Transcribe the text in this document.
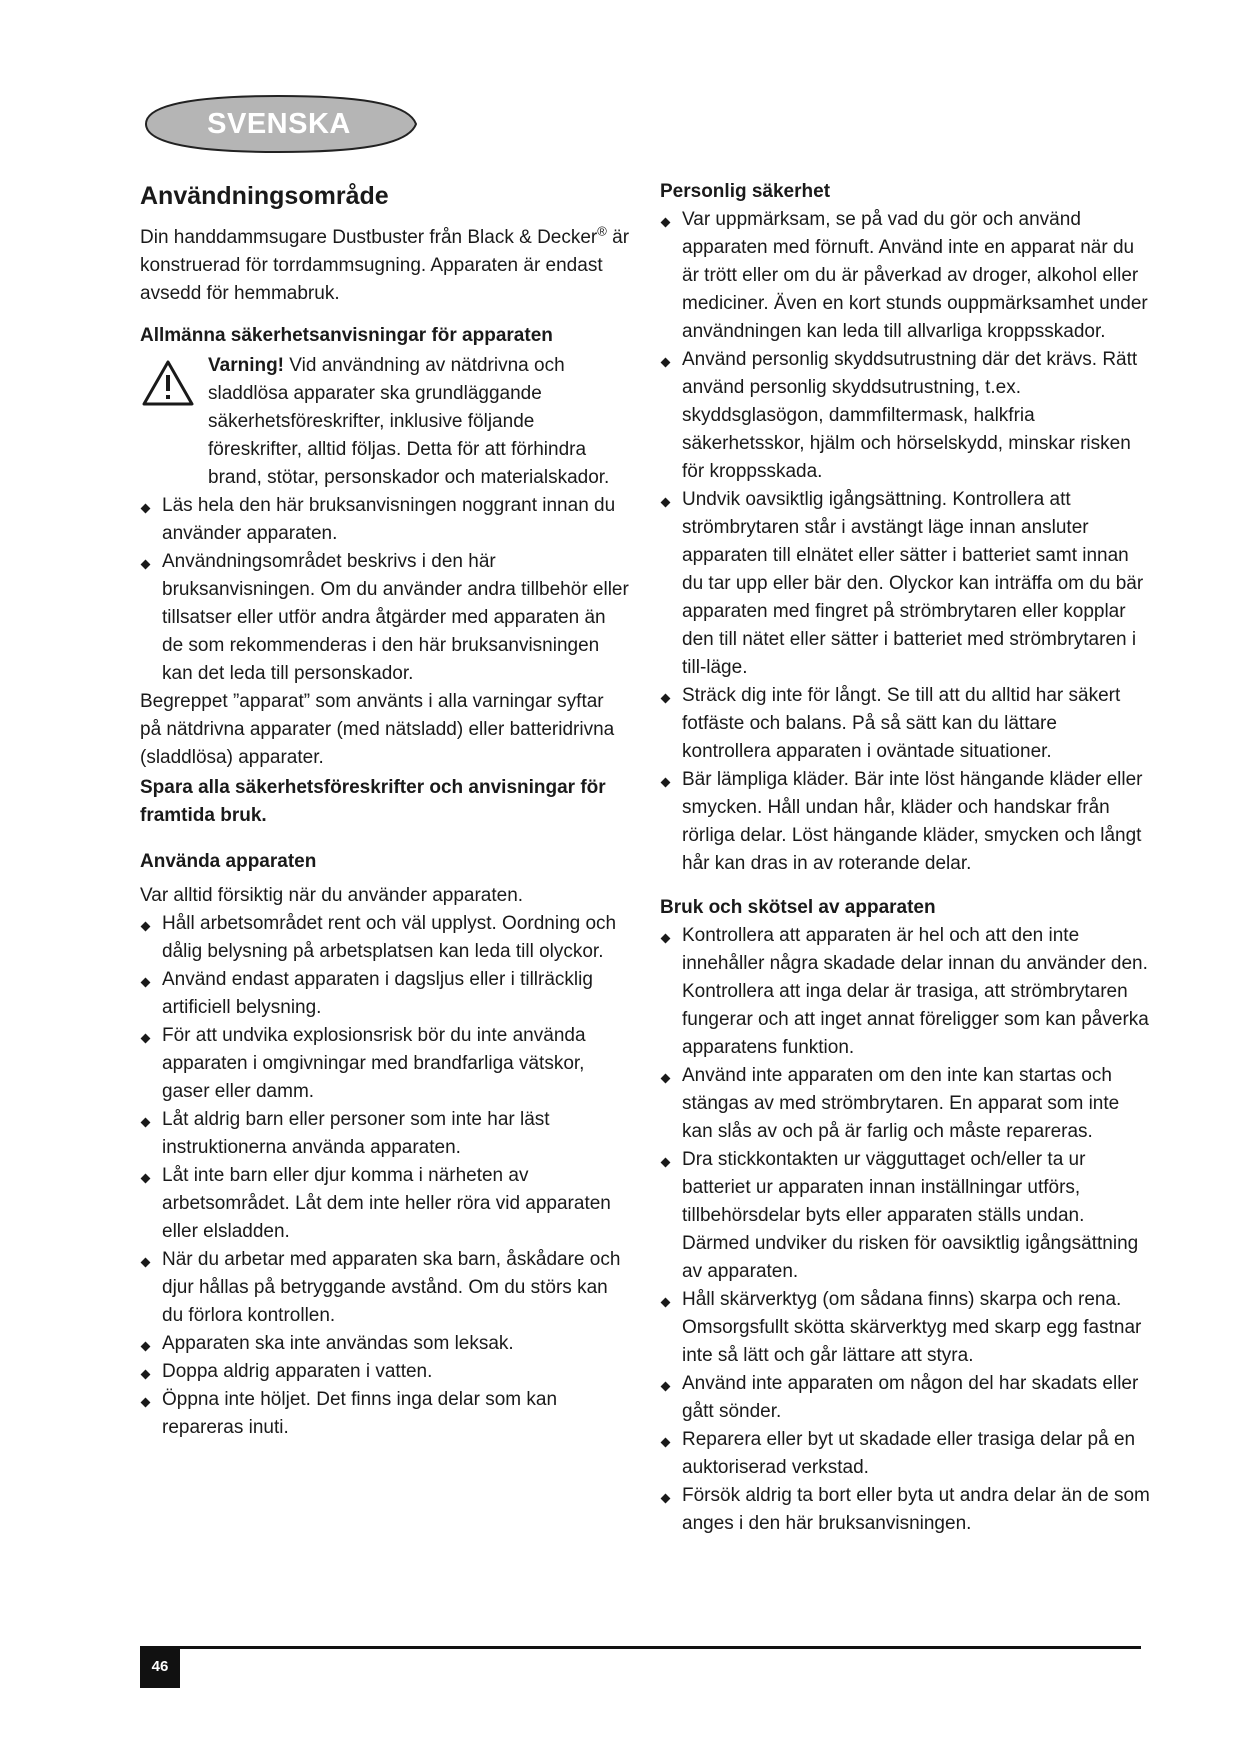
SVENSKA
Användningsområde

Din handdammsugare Dustbuster från Black & Decker® är konstruerad för torrdammsugning. Apparaten är endast avsedd för hemmabruk.

Allmänna säkerhetsanvisningar för apparaten

Varning! Vid användning av nätdrivna och sladdlösa apparater ska grundläggande säkerhetsföreskrifter, inklusive följande föreskrifter, alltid följas. Detta för att förhindra brand, stötar, personskador och materialskador.

Läs hela den här bruksanvisningen noggrant innan du använder apparaten.
Användningsområdet beskrivs i den här bruksanvisningen. Om du använder andra tillbehör eller tillsatser eller utför andra åtgärder med apparaten än de som rekommenderas i den här bruksanvisningen kan det leda till personskador.

Begreppet ”apparat” som använts i alla varningar syftar på nätdrivna apparater (med nätsladd) eller batteridrivna (sladdlösa) apparater.

Spara alla säkerhetsföreskrifter och anvisningar för framtida bruk.

Använda apparaten

Var alltid försiktig när du använder apparaten.

Håll arbetsområdet rent och väl upplyst. Oordning och dålig belysning på arbetsplatsen kan leda till olyckor.
Använd endast apparaten i dagsljus eller i tillräcklig artificiell belysning.
För att undvika explosionsrisk bör du inte använda apparaten i omgivningar med brandfarliga vätskor, gaser eller damm.
Låt aldrig barn eller personer som inte har läst instruktionerna använda apparaten.
Låt inte barn eller djur komma i närheten av arbetsområdet. Låt dem inte heller röra vid apparaten eller elsladden.
När du arbetar med apparaten ska barn, åskådare och djur hållas på betryggande avstånd. Om du störs kan du förlora kontrollen.
Apparaten ska inte användas som leksak.
Doppa aldrig apparaten i vatten.
Öppna inte höljet. Det finns inga delar som kan repareras inuti.
Personlig säkerhet
Var uppmärksam, se på vad du gör och använd apparaten med förnuft. Använd inte en apparat när du är trött eller om du är påverkad av droger, alkohol eller mediciner. Även en kort stunds ouppmärksamhet under användningen kan leda till allvarliga kroppsskador.
Använd personlig skyddsutrustning där det krävs. Rätt använd personlig skyddsutrustning, t.ex. skyddsglasögon, dammfiltermask, halkfria säkerhetsskor, hjälm och hörselskydd, minskar risken för kroppsskada.
Undvik oavsiktlig igångsättning. Kontrollera att strömbrytaren står i avstängt läge innan ansluter apparaten till elnätet eller sätter i batteriet samt innan du tar upp eller bär den. Olyckor kan inträffa om du bär apparaten med fingret på strömbrytaren eller kopplar den till nätet eller sätter i batteriet med strömbrytaren i till-läge.
Sträck dig inte för långt. Se till att du alltid har säkert fotfäste och balans. På så sätt kan du lättare kontrollera apparaten i oväntade situationer.
Bär lämpliga kläder. Bär inte löst hängande kläder eller smycken. Håll undan hår, kläder och handskar från rörliga delar. Löst hängande kläder, smycken och långt hår kan dras in av roterande delar.
Bruk och skötsel av apparaten
Kontrollera att apparaten är hel och att den inte innehåller några skadade delar innan du använder den. Kontrollera att inga delar är trasiga, att strömbrytaren fungerar och att inget annat föreligger som kan påverka apparatens funktion.
Använd inte apparaten om den inte kan startas och stängas av med strömbrytaren. En apparat som inte kan slås av och på är farlig och måste repareras.
Dra stickkontakten ur vägguttaget och/eller ta ur batteriet ur apparaten innan inställningar utförs, tillbehörsdelar byts eller apparaten ställs undan. Därmed undviker du risken för oavsiktlig igångsättning av apparaten.
Håll skärverktyg (om sådana finns) skarpa och rena. Omsorgsfullt skötta skärverktyg med skarp egg fastnar inte så lätt och går lättare att styra.
Använd inte apparaten om någon del har skadats eller gått sönder.
Reparera eller byt ut skadade eller trasiga delar på en auktoriserad verkstad.
Försök aldrig ta bort eller byta ut andra delar än de som anges i den här bruksanvisningen.
46
